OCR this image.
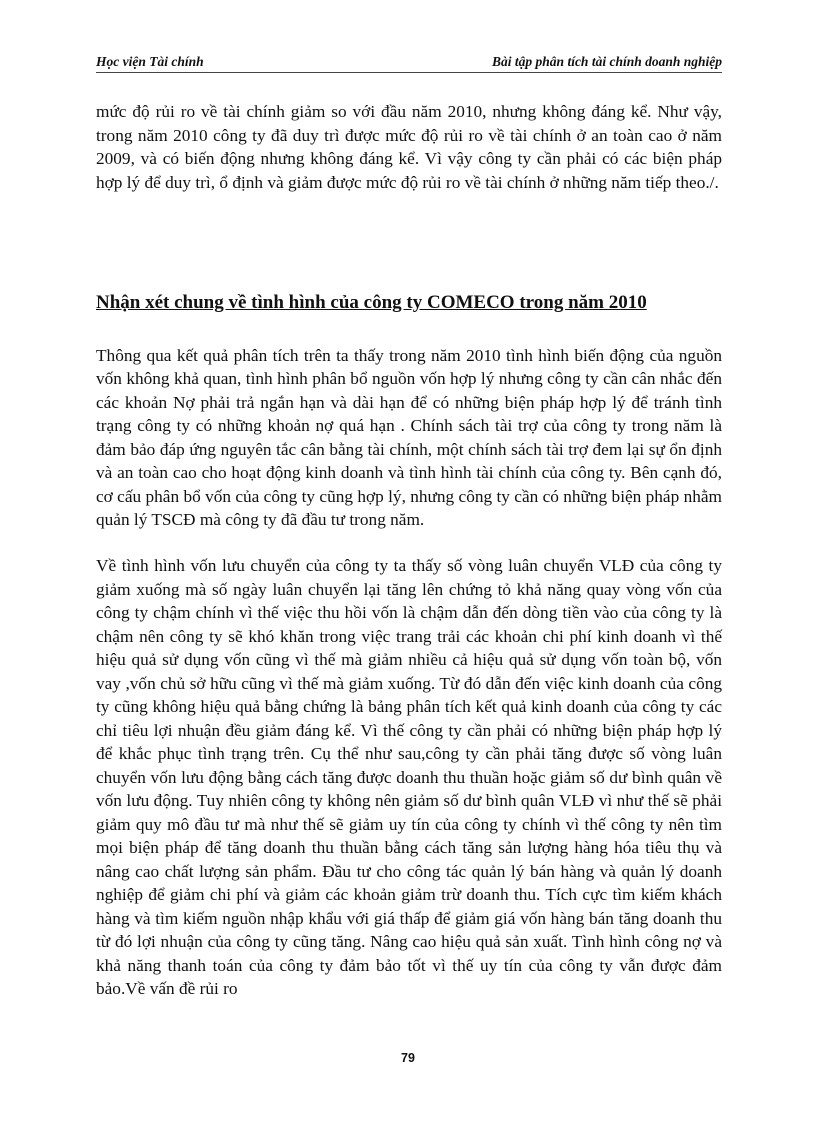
Học viện Tài chính	Bài tập phân tích tài chính doanh nghiệp

mức độ rủi ro về tài chính giảm so với đầu năm 2010, nhưng không đáng kể. Như vậy, trong năm 2010 công ty đã duy trì được mức độ rủi ro về tài chính ở an toàn cao ở năm 2009, và có biến động nhưng không đáng kể. Vì vậy công ty cần phải có các biện pháp hợp lý để duy trì, ổ định và giảm được mức độ rủi ro về tài chính ở những năm tiếp theo./.

Nhận xét chung về tình hình của công ty COMECO trong năm 2010

Thông qua kết quả phân tích trên ta thấy trong năm 2010 tình hình biến động của nguồn vốn không khả quan, tình hình phân bổ nguồn vốn hợp lý nhưng công ty cần cân nhắc đến các khoản Nợ phải trả ngắn hạn và dài hạn để có những biện pháp hợp lý để tránh tình trạng công ty có những khoản nợ quá hạn . Chính sách tài trợ của công ty trong năm là đảm bảo đáp ứng nguyên tắc cân bằng tài chính, một chính sách tài trợ đem lại sự ổn định và an toàn cao cho hoạt động kinh doanh và tình hình tài chính của công ty. Bên cạnh đó, cơ cấu phân bổ vốn của công ty cũng hợp lý, nhưng công ty cần có những biện pháp nhằm quản lý TSCĐ mà công ty đã đầu tư trong năm.

Về tình hình vốn lưu chuyển của công ty ta thấy số vòng luân chuyển VLĐ của công ty giảm xuống mà số ngày luân chuyển lại tăng lên chứng tỏ khả năng quay vòng vốn của công ty chậm chính vì thế việc thu hồi vốn là chậm dẫn đến dòng tiền vào của công ty là chậm nên công ty sẽ khó khăn trong việc trang trải các khoản chi phí kinh doanh vì thế hiệu quả sử dụng vốn cũng vì thế mà giảm nhiều cả hiệu quả sử dụng vốn toàn bộ, vốn vay ,vốn chủ sở hữu cũng vì thế mà giảm xuống. Từ đó dẫn đến việc kinh doanh của công ty cũng không hiệu quả bằng chứng là bảng phân tích kết quả kinh doanh của công ty các chỉ tiêu lợi nhuận đều giảm đáng kể. Vì thế công ty cần phải có những biện pháp hợp lý để khắc phục tình trạng trên. Cụ thể như sau,công ty cần phải tăng được số vòng luân chuyển vốn lưu động bằng cách tăng được doanh thu thuần hoặc giảm số dư bình quân về vốn lưu động. Tuy nhiên công ty không nên giảm số dư bình quân VLĐ vì như thế sẽ phải giảm quy mô đầu tư mà như thế sẽ giảm uy tín của công ty chính vì thế công ty nên tìm mọi biện pháp để tăng doanh thu thuần bằng cách tăng sản lượng hàng hóa tiêu thụ và nâng cao chất lượng sản phẩm. Đầu tư cho công tác quản lý bán hàng và quản lý doanh nghiệp để giảm chi phí và giảm các khoản giảm trừ doanh thu. Tích cực tìm kiếm khách hàng và tìm kiếm nguồn nhập khẩu với giá thấp để giảm giá vốn hàng bán tăng doanh thu từ đó lợi nhuận của công ty cũng tăng. Nâng cao hiệu quả sản xuất. Tình hình công nợ và khả năng thanh toán của công ty đảm bảo tốt vì thế uy tín của công ty vẫn được đảm bảo.Về vấn đề rủi ro

79
